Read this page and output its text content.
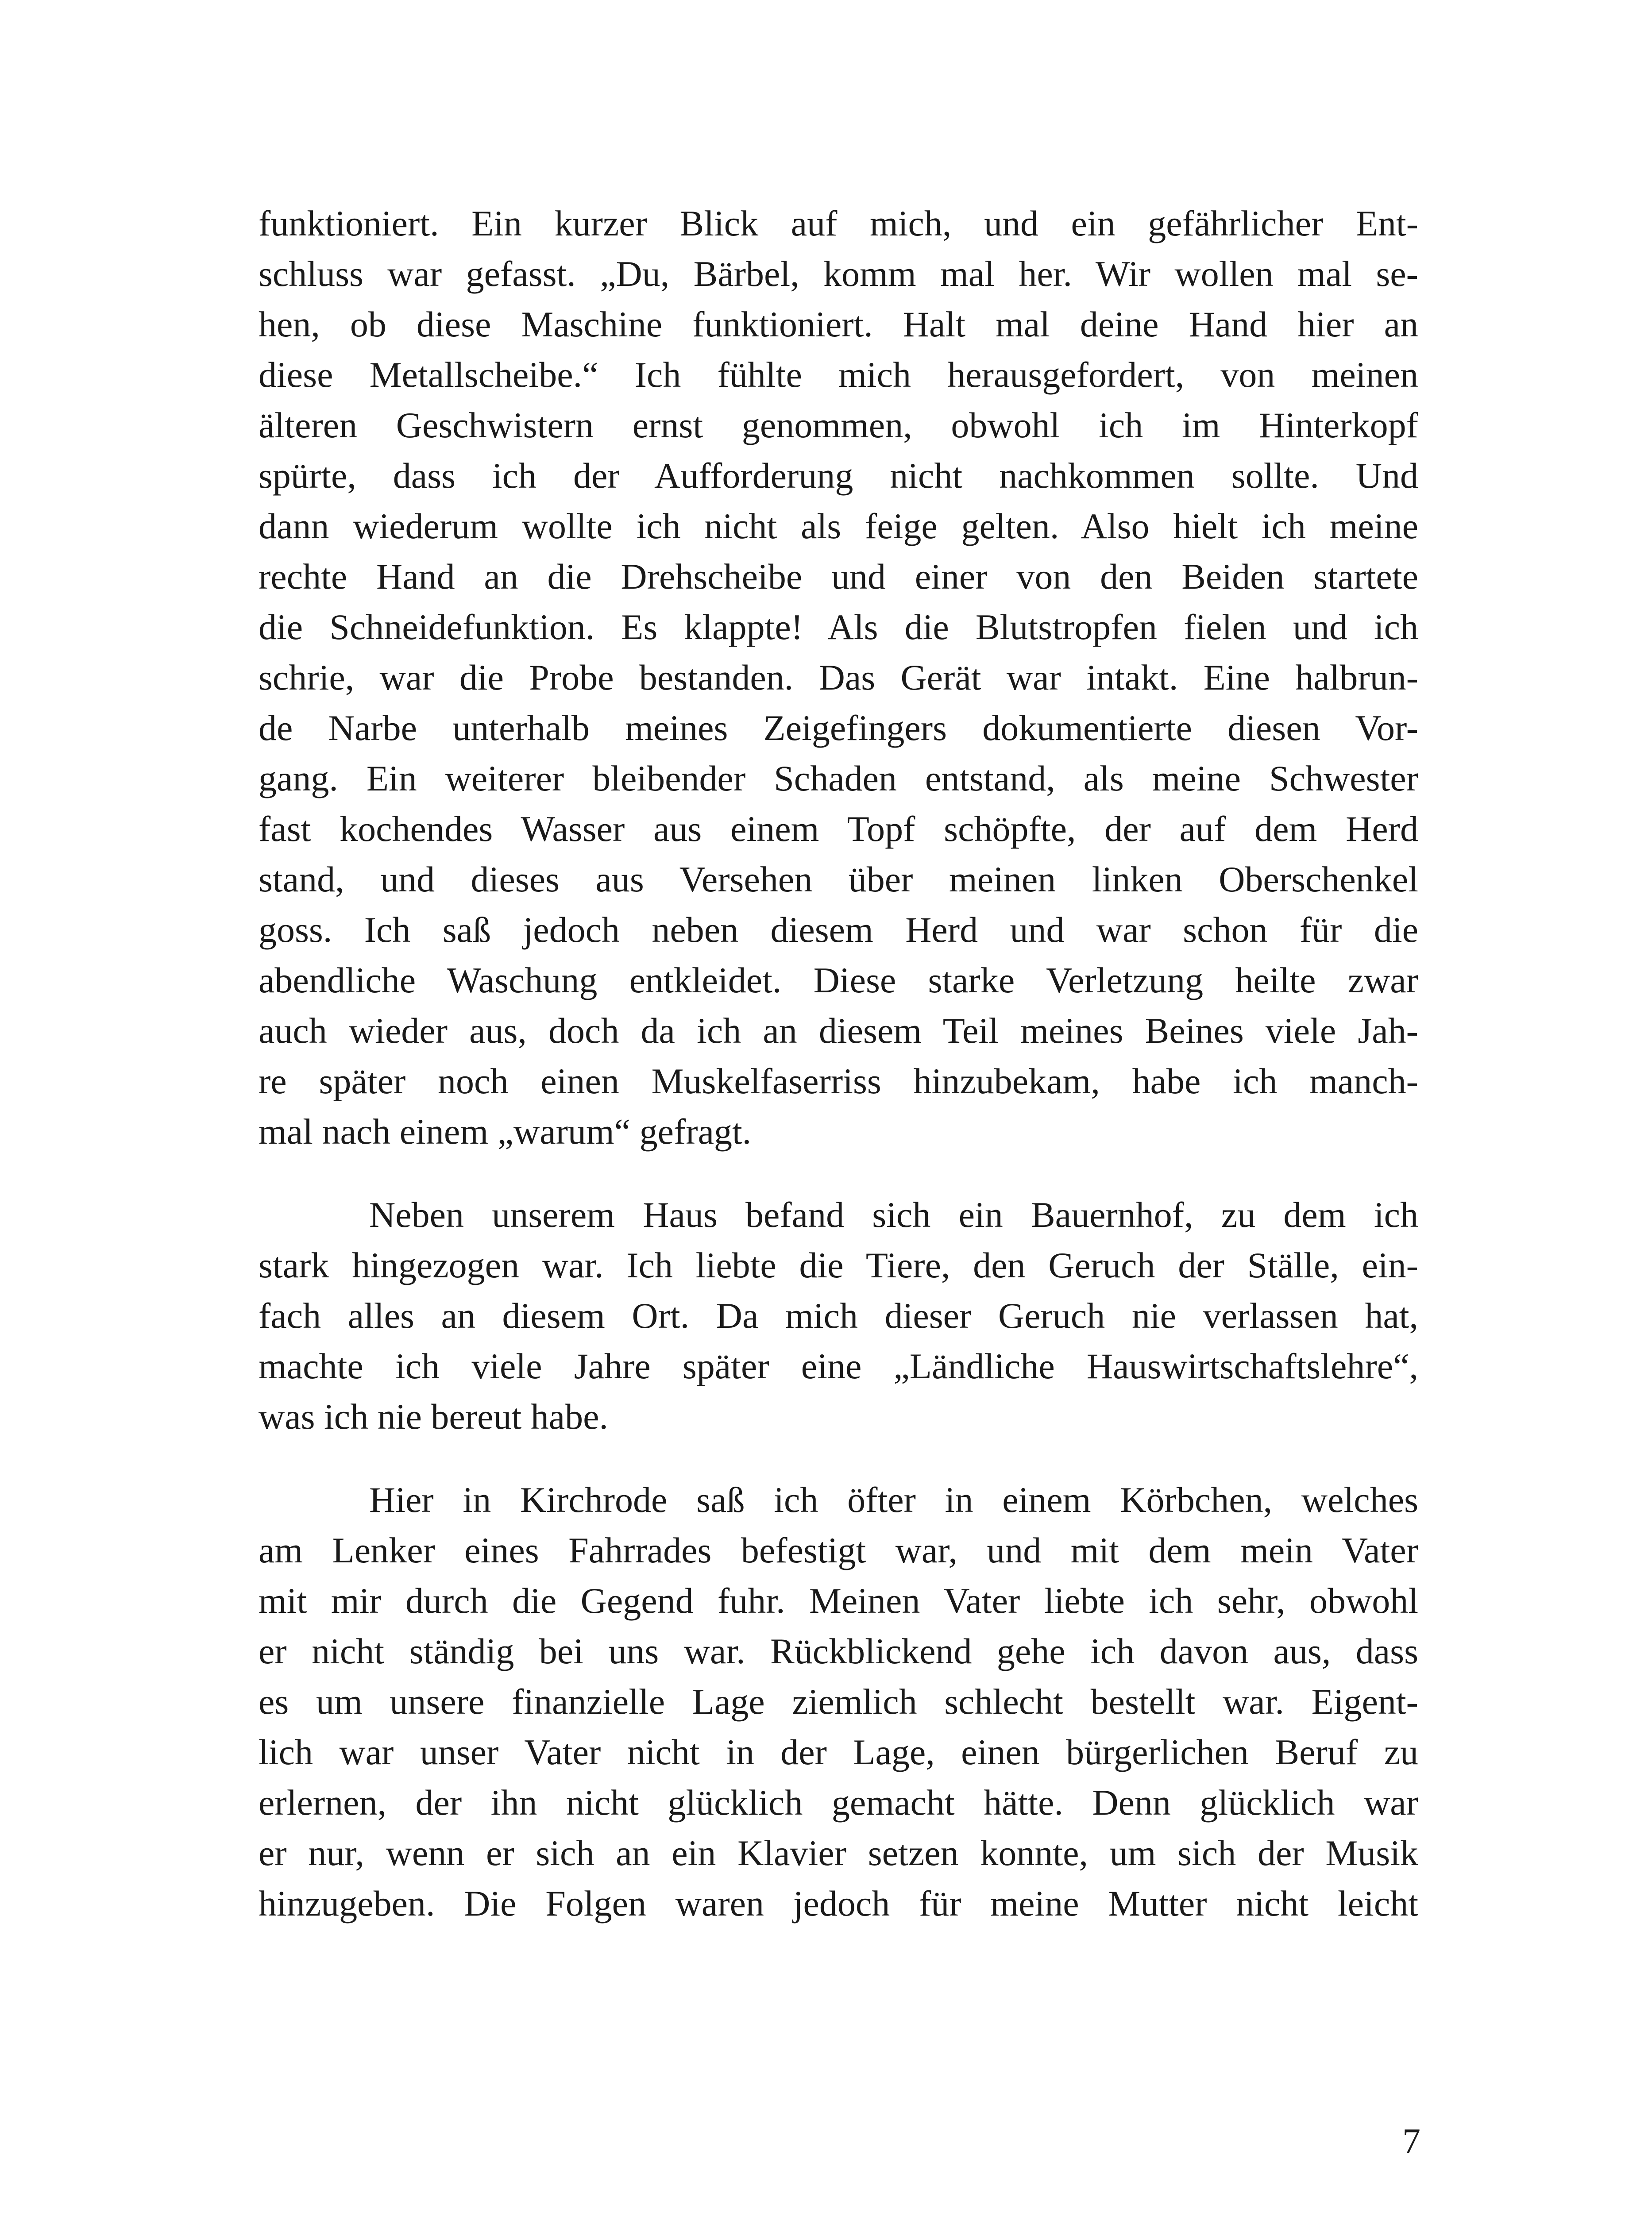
funktioniert. Ein kurzer Blick auf mich, und ein gefährlicher Ent-
schluss war gefasst. „Du, Bärbel, komm mal her. Wir wollen mal se-
hen, ob diese Maschine funktioniert. Halt mal deine Hand hier an
diese Metallscheibe.“ Ich fühlte mich herausgefordert, von meinen
älteren Geschwistern ernst genommen, obwohl ich im Hinterkopf
spürte, dass ich der Aufforderung nicht nachkommen sollte. Und
dann wiederum wollte ich nicht als feige gelten. Also hielt ich meine
rechte Hand an die Drehscheibe und einer von den Beiden startete
die Schneidefunktion. Es klappte! Als die Blutstropfen fielen und ich
schrie, war die Probe bestanden. Das Gerät war intakt. Eine halbrun-
de Narbe unterhalb meines Zeigefingers dokumentierte diesen Vor-
gang. Ein weiterer bleibender Schaden entstand, als meine Schwester
fast kochendes Wasser aus einem Topf schöpfte, der auf dem Herd
stand, und dieses aus Versehen über meinen linken Oberschenkel
goss. Ich saß jedoch neben diesem Herd und war schon für die
abendliche Waschung entkleidet. Diese starke Verletzung heilte zwar
auch wieder aus, doch da ich an diesem Teil meines Beines viele Jah-
re später noch einen Muskelfaserriss hinzubekam, habe ich manch-
mal nach einem „warum“ gefragt.
Neben unserem Haus befand sich ein Bauernhof, zu dem ich
stark hingezogen war. Ich liebte die Tiere, den Geruch der Ställe, ein-
fach alles an diesem Ort. Da mich dieser Geruch nie verlassen hat,
machte ich viele Jahre später eine „Ländliche Hauswirtschaftslehre“,
was ich nie bereut habe.
Hier in Kirchrode saß ich öfter in einem Körbchen, welches
am Lenker eines Fahrrades befestigt war, und mit dem mein Vater
mit mir durch die Gegend fuhr. Meinen Vater liebte ich sehr, obwohl
er nicht ständig bei uns war. Rückblickend gehe ich davon aus, dass
es um unsere finanzielle Lage ziemlich schlecht bestellt war. Eigent-
lich war unser Vater nicht in der Lage, einen bürgerlichen Beruf zu
erlernen, der ihn nicht glücklich gemacht hätte. Denn glücklich war
er nur, wenn er sich an ein Klavier setzen konnte, um sich der Musik
hinzugeben. Die Folgen waren jedoch für meine Mutter nicht leicht
7
